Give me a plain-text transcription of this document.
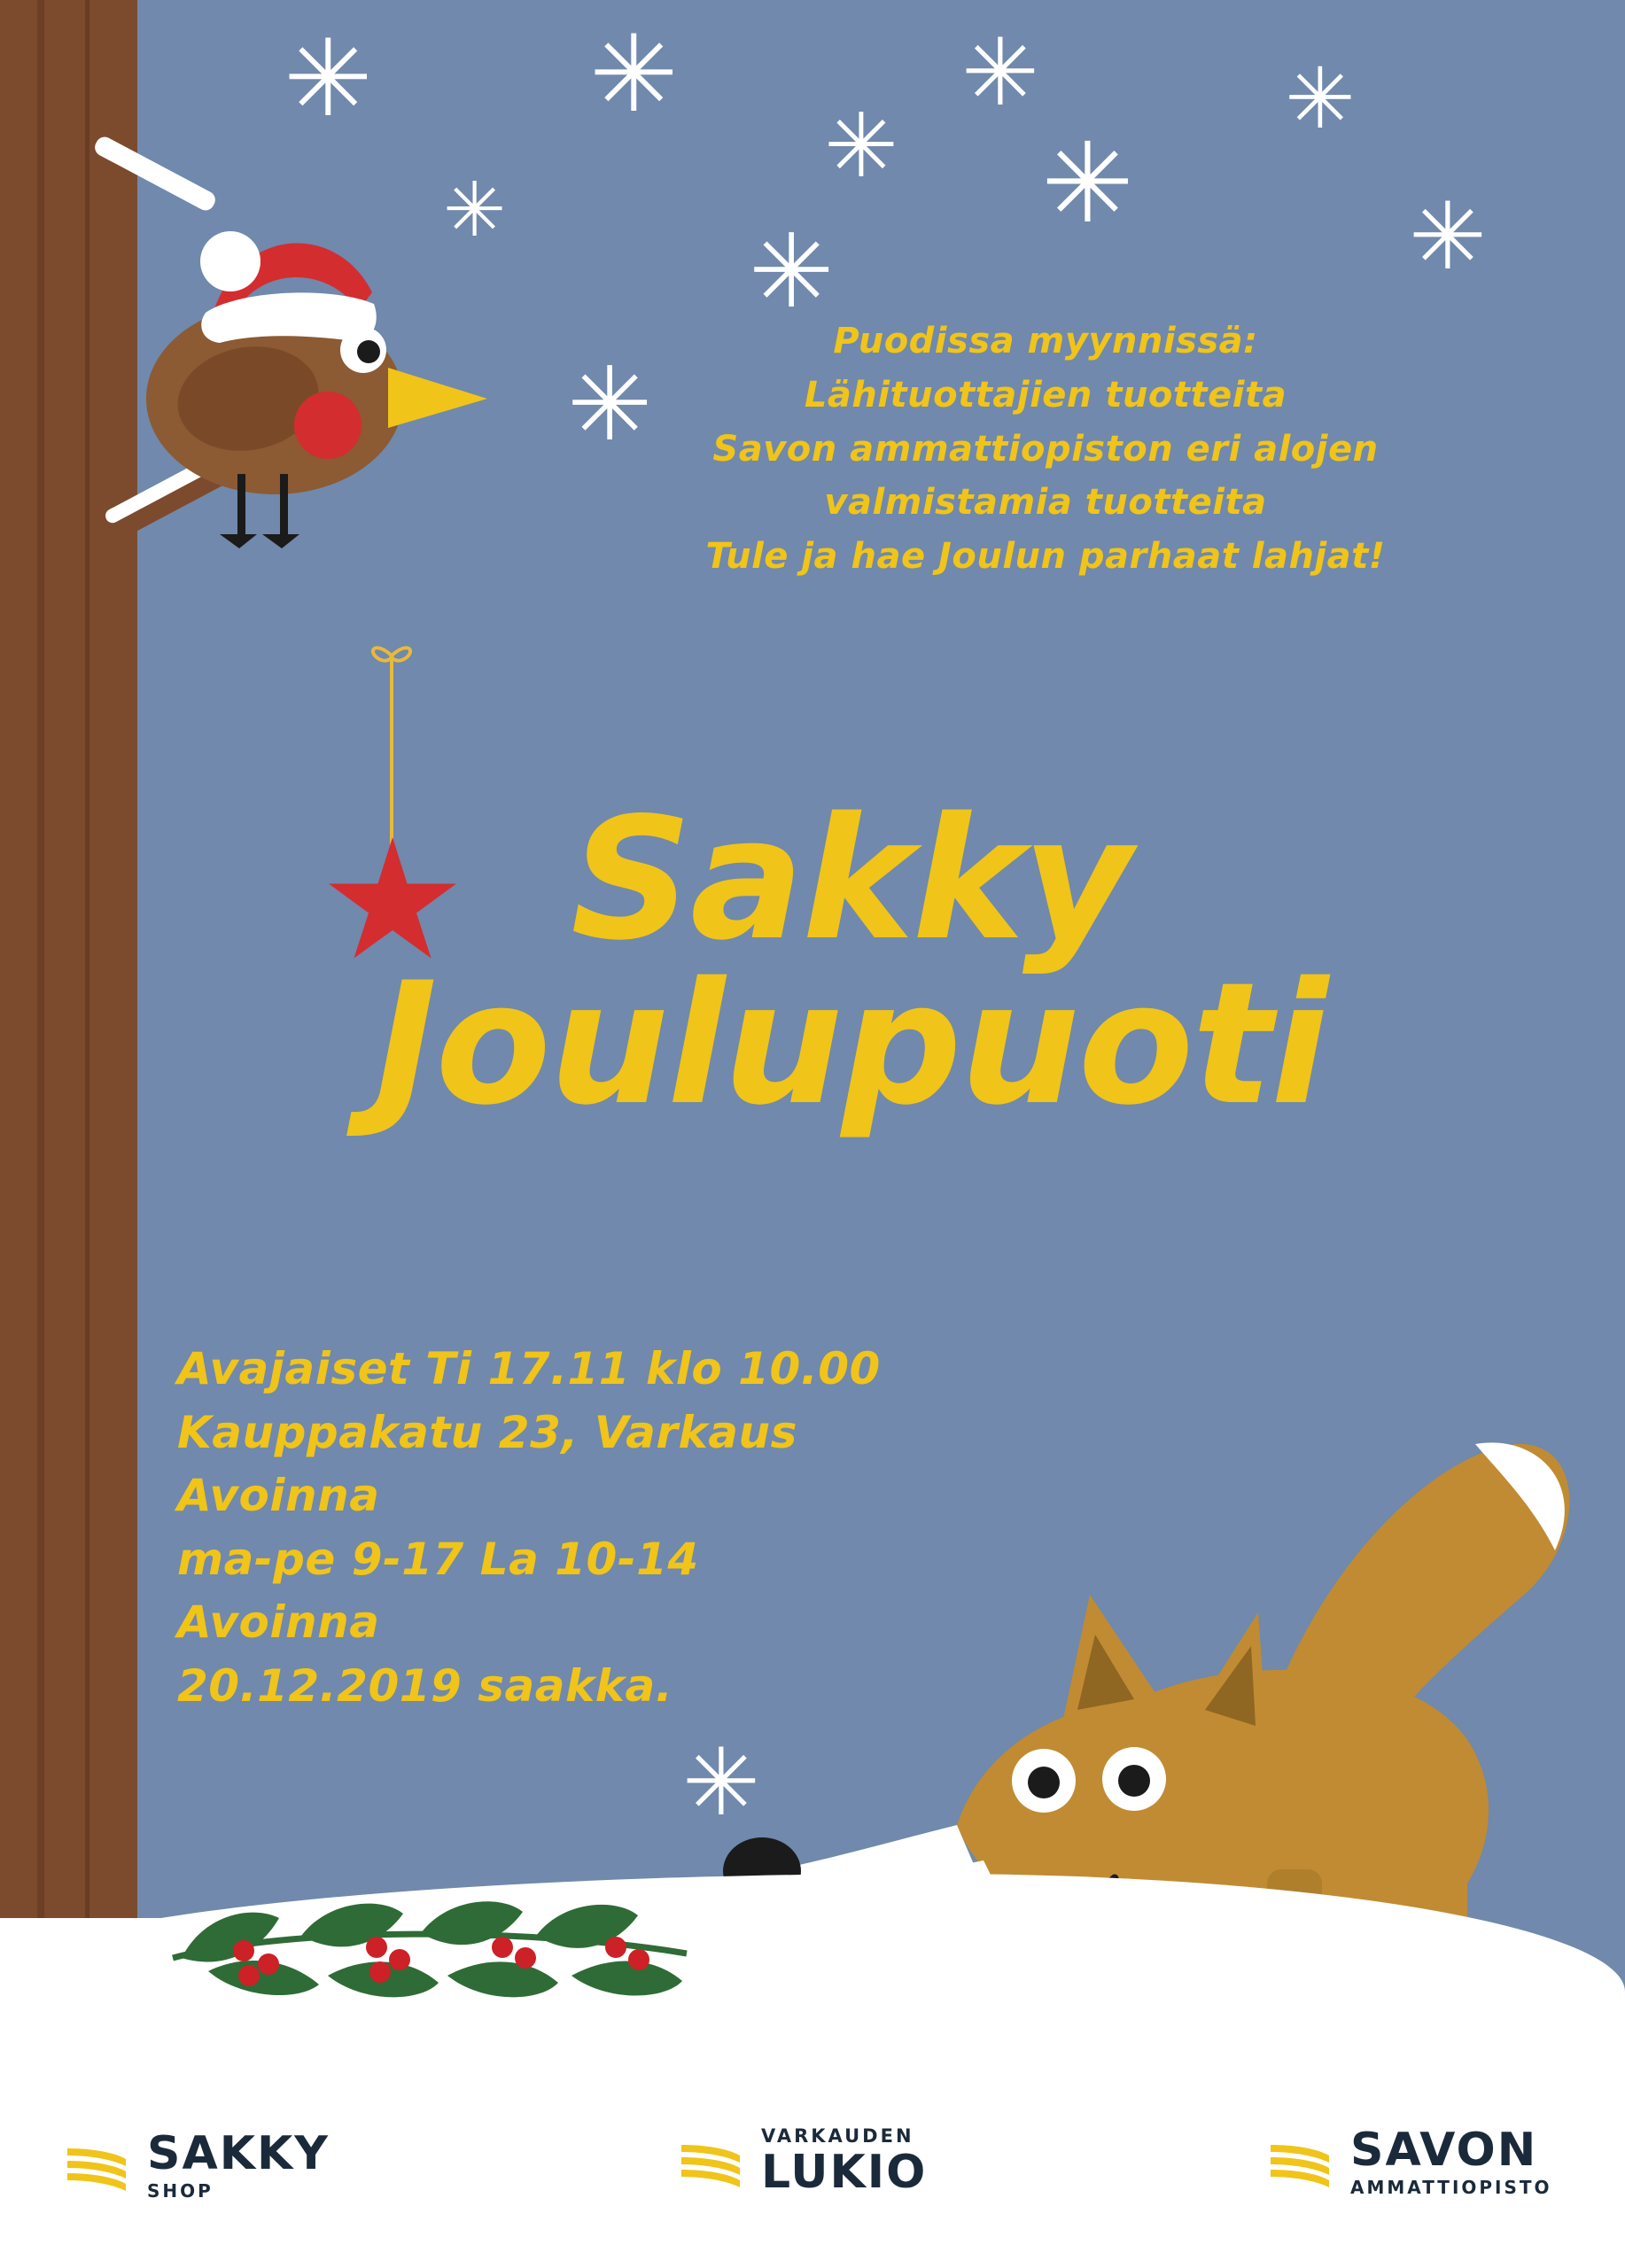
✳ ✳	✳	✳
✳ ✳
✳	✳
✳
✳
✳
Puodissa myynnissä:
Lähituottajien tuotteita
Savon ammattiopiston eri alojen
valmistamia tuotteita
Tule ja hae Joulun parhaat lahjat!
Sakky
Joulupuoti
Avajaiset Ti 17.11 klo 10.00
Kauppakatu 23, Varkaus
Avoinna
ma-pe 9-17 La 10-14
Avoinna
20.12.2019 saakka.
SAKKY
SHOP
VARKAUDEN
LUKIO	SAVON
AMMATTIOPISTO
